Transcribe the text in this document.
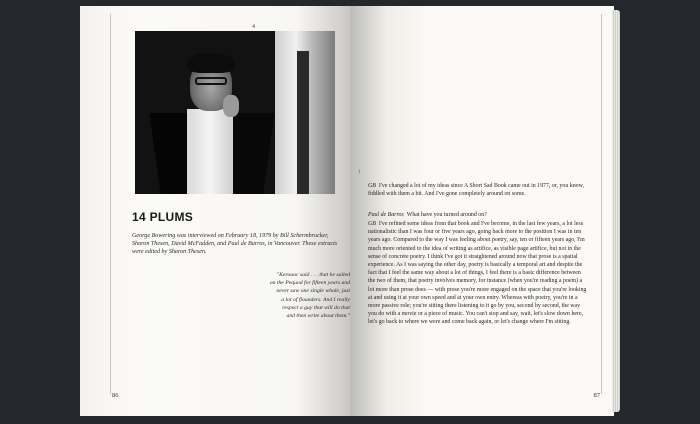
4
14 PLUMS
George Bowering was interviewed on February 18, 1979 by Bill Schermbrucker, Sharon Thesen, David McFadden, and Paul de Barros, in Vancouver. These extracts were edited by Sharon Thesen.
"Kerouac said . . . that he sailed
on the Pequod for fifteen years and
never saw one single whale, just
a lot of flounders. And I really
respect a guy that will do that
and then write about them."
86
1
GB I've changed a lot of my ideas since A Short Sad Book came out in 1977, or, you know, fiddled with them a bit. And I've gone completely around on some.
Paul de Barros What have you turned around on?
GB I've refined some ideas from that book and I've become, in the last few years, a lot less nationalistic than I was four or five years ago, going back more to the position I was in ten years ago. Compared to the way I was feeling about poetry, say, ten or fifteen years ago, I'm much more oriented to the idea of writing as artifice, as visible page artifice, but not in the sense of concrete poetry. I think I've got it straightened around now that prose is a spatial experience. As I was saying the other day, poetry is basically a temporal art and despite the fact that I feel the same way about a lot of things, I feel there is a basic difference between the two of them, that poetry involves memory, for instance (when you're reading a poem) a lot more than prose does — with prose you're more engaged on the space that you're looking at and using it at your own speed and at your own entry. Whereas with poetry, you're in a more passive role; you're sitting there listening to it go by you, second by second, the way you do with a movie or a piece of music. You can't stop and say, wait, let's slow down here, let's go back to where we were and come back again, or let's change where I'm sitting.
87
